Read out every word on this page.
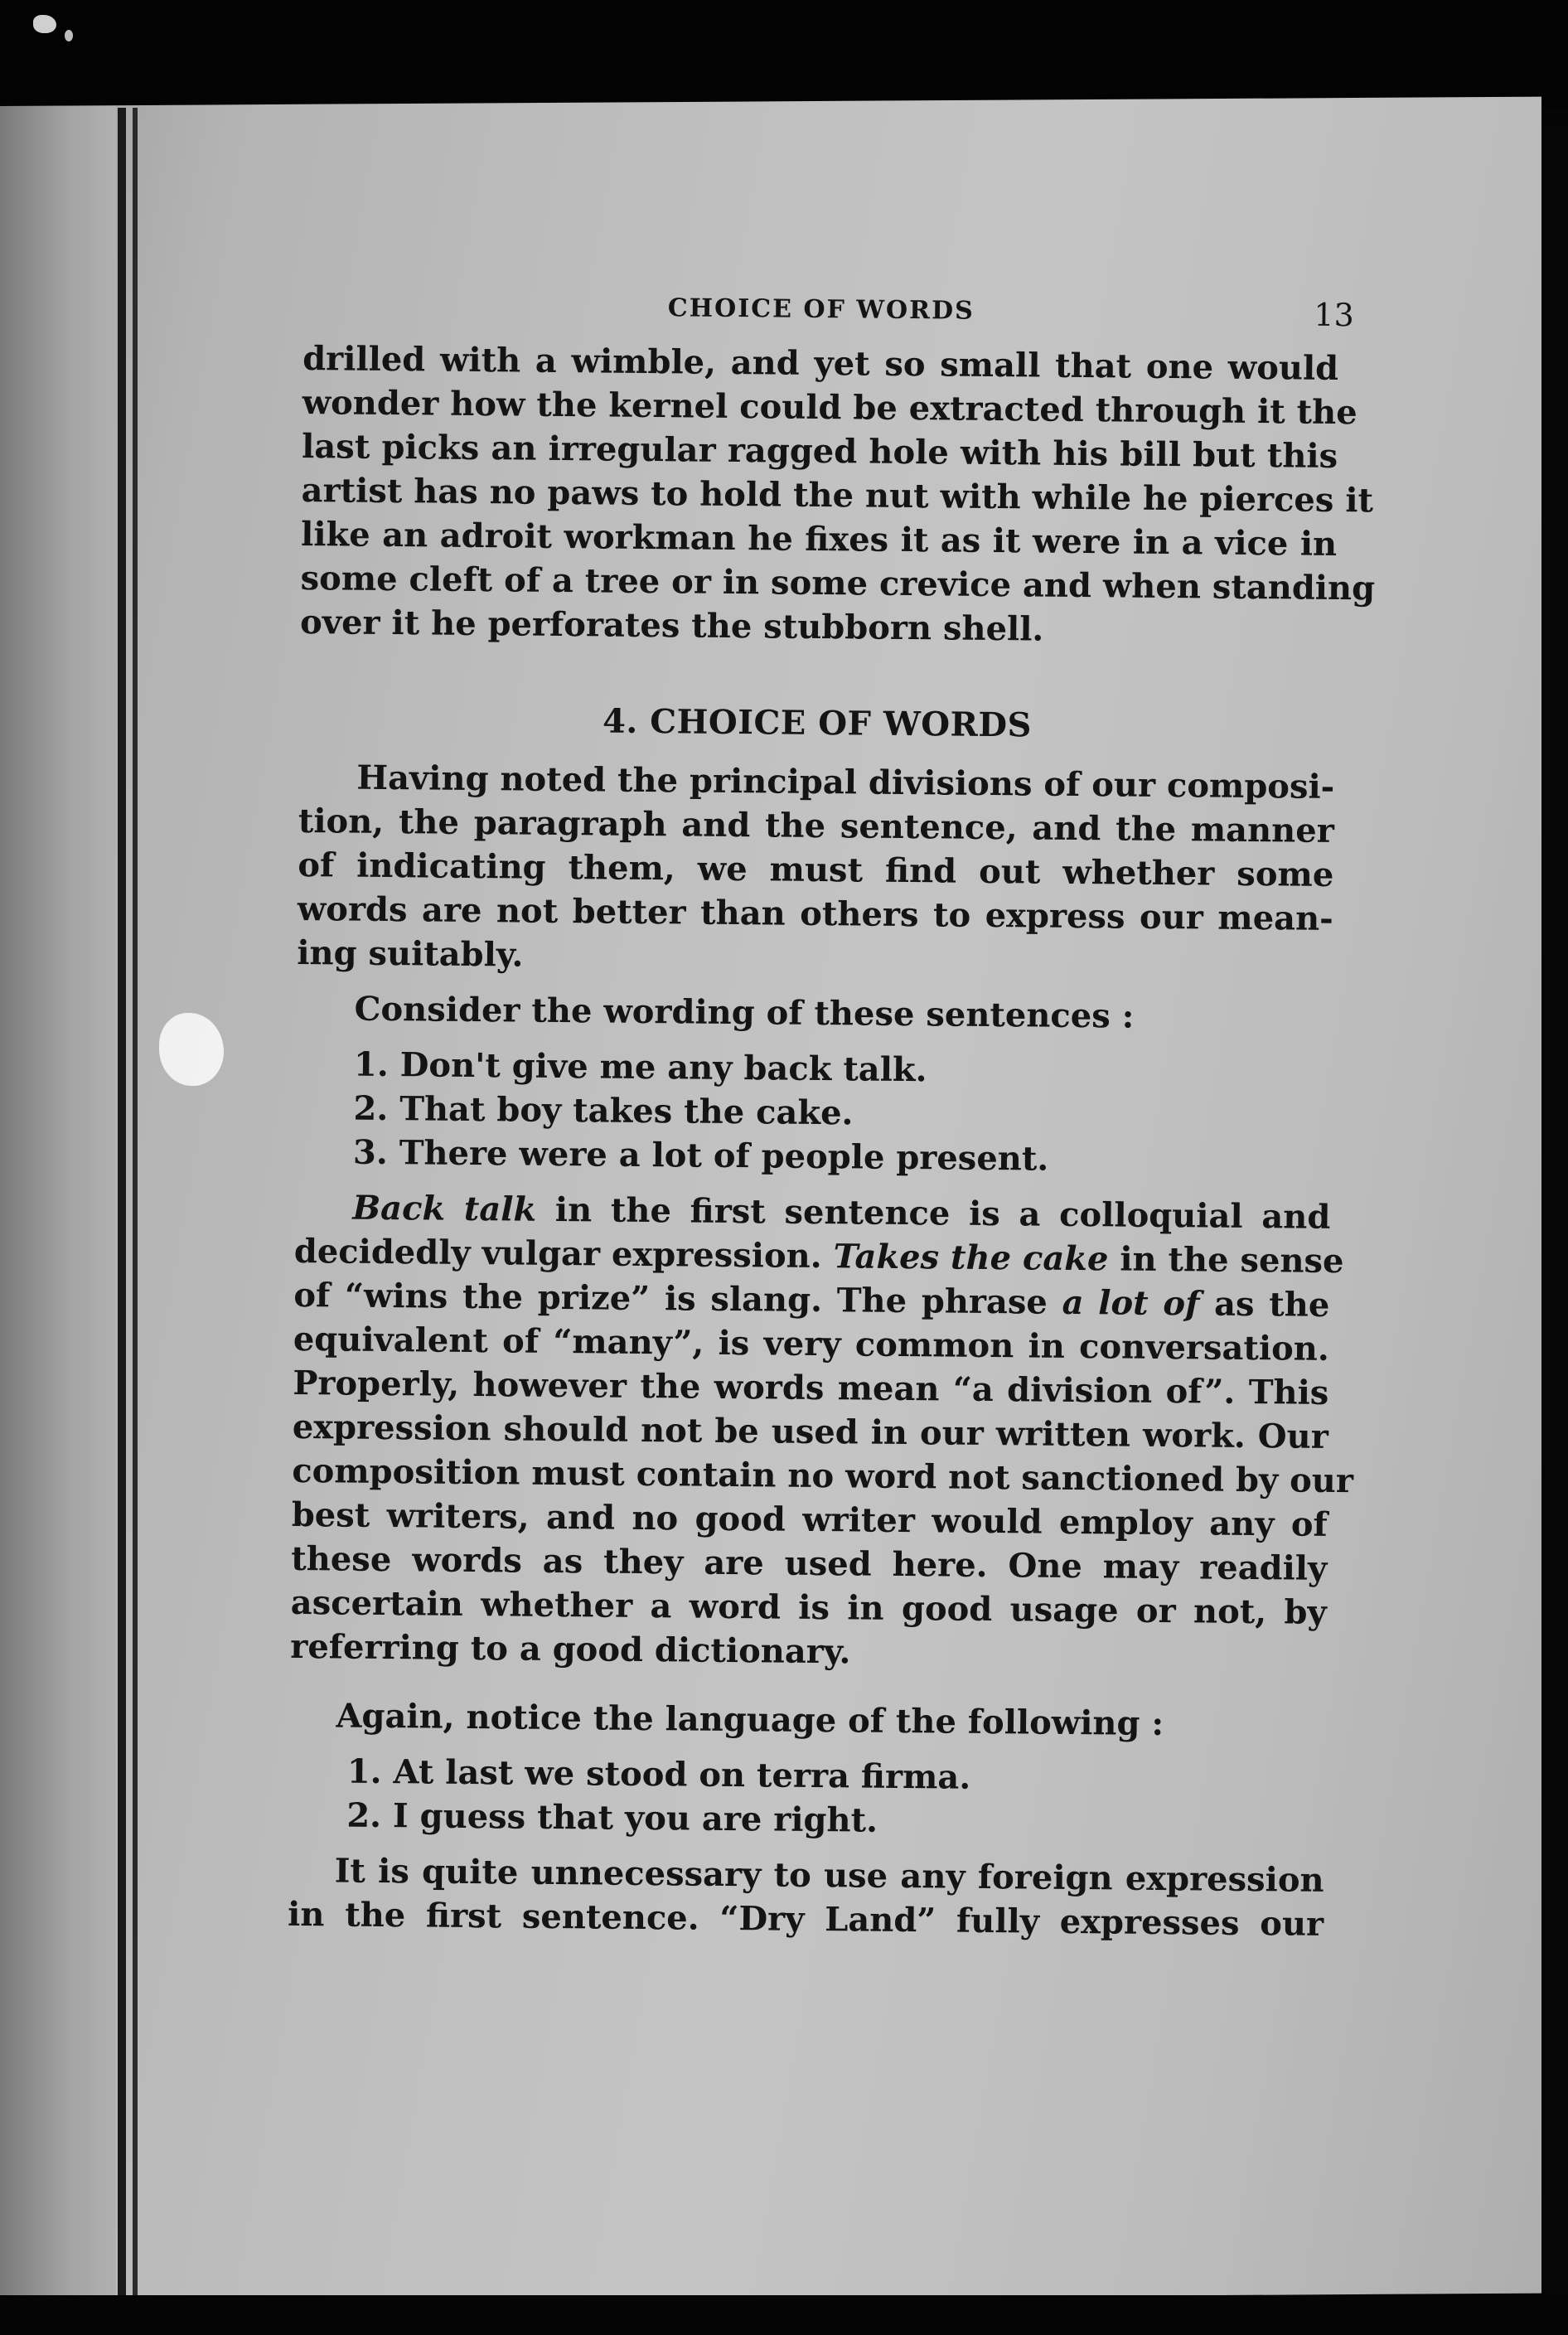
CHOICE OF WORDS	13

drilled with a wimble, and yet so small that one would

wonder how the kernel could be extracted through it the

last picks an irregular ragged hole with his bill but this

artist has no paws to hold the nut with while he pierces it

like an adroit workman he fixes it as it were in a vice in

some cleft of a tree or in some crevice and when standing

over it he perforates the stubborn shell.

4. CHOICE OF WORDS

Having noted the principal divisions of our composi-

tion, the paragraph and the sentence, and the manner

of indicating them, we must find out whether some

words are not better than others to express our mean-

ing suitably.

Consider the wording of these sentences :

1. Don't give me any back talk.

2. That boy takes the cake.

3. There were a lot of people present.

Back talk in the first sentence is a colloquial and

decidedly vulgar expression. Takes the cake in the sense

of “wins the prize” is slang. The phrase a lot of as the

equivalent of “many”, is very common in conversation.

Properly, however the words mean “a division of”. This

expression should not be used in our written work. Our

composition must contain no word not sanctioned by our

best writers, and no good writer would employ any of

these words as they are used here. One may readily

ascertain whether a word is in good usage or not, by

referring to a good dictionary.

Again, notice the language of the following :

1. At last we stood on terra firma.

2. I guess that you are right.

It is quite unnecessary to use any foreign expression

in the first sentence. “Dry Land” fully expresses our
